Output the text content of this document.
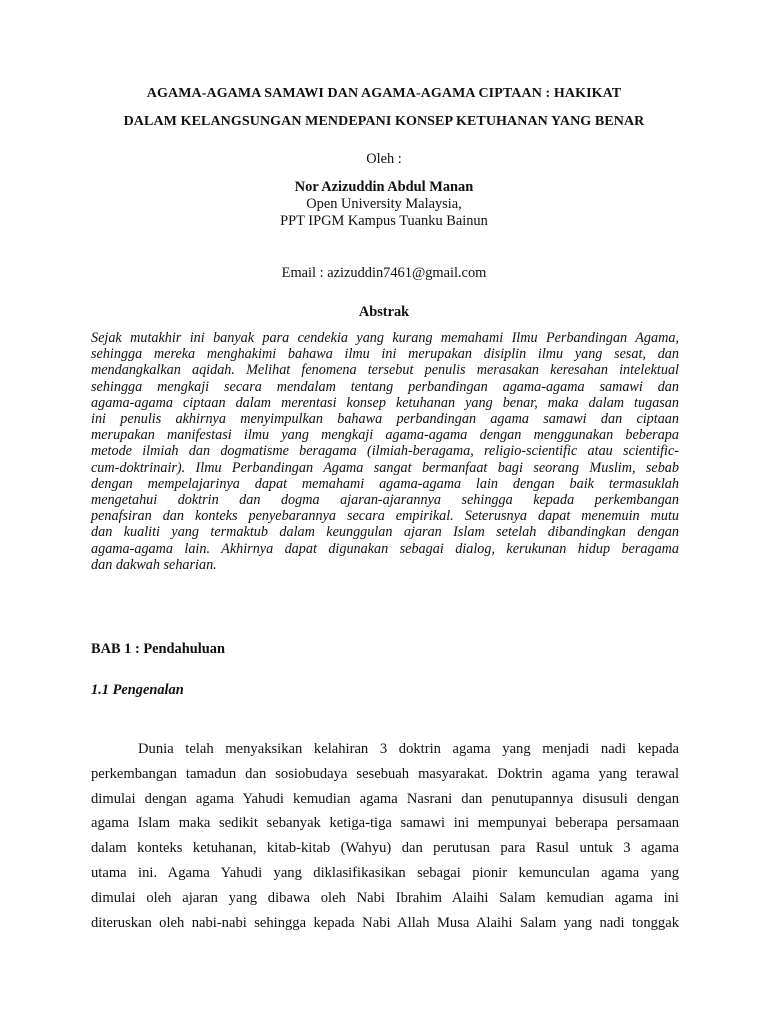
AGAMA-AGAMA SAMAWI DAN AGAMA-AGAMA CIPTAAN : HAKIKAT
DALAM KELANGSUNGAN MENDEPANI KONSEP KETUHANAN YANG BENAR
Oleh :
Nor Azizuddin Abdul Manan
Open University Malaysia,
PPT IPGM Kampus Tuanku Bainun
Email : azizuddin7461@gmail.com
Abstrak
Sejak mutakhir ini banyak para cendekia yang kurang memahami Ilmu Perbandingan Agama,
sehingga mereka menghakimi bahawa ilmu ini merupakan disiplin ilmu yang sesat, dan
mendangkalkan aqidah. Melihat fenomena tersebut penulis merasakan keresahan intelektual
sehingga mengkaji secara mendalam tentang perbandingan agama-agama samawi dan
agama-agama ciptaan dalam merentasi konsep ketuhanan yang benar, maka dalam tugasan
ini penulis akhirnya menyimpulkan bahawa perbandingan agama samawi dan ciptaan
merupakan manifestasi ilmu yang mengkaji agama-agama dengan menggunakan beberapa
metode ilmiah dan dogmatisme beragama (ilmiah-beragama, religio-scientific atau scientific-
cum-doktrinair). Ilmu Perbandingan Agama sangat bermanfaat bagi seorang Muslim, sebab
dengan mempelajarinya dapat memahami agama-agama lain dengan baik termasuklah
mengetahui doktrin dan dogma ajaran-ajarannya sehingga kepada perkembangan
penafsiran dan konteks penyebarannya secara empirikal. Seterusnya dapat menemuin mutu
dan kualiti yang termaktub dalam keunggulan ajaran Islam setelah dibandingkan dengan
agama-agama lain. Akhirnya dapat digunakan sebagai dialog, kerukunan hidup beragama
dan dakwah seharian.
BAB 1 : Pendahuluan
1.1 Pengenalan
Dunia telah menyaksikan kelahiran 3 doktrin agama yang menjadi nadi kepada
perkembangan tamadun dan sosiobudaya sesebuah masyarakat. Doktrin agama yang terawal
dimulai dengan agama Yahudi kemudian agama Nasrani dan penutupannya disusuli dengan
agama Islam maka sedikit sebanyak ketiga-tiga samawi ini mempunyai beberapa persamaan
dalam konteks ketuhanan, kitab-kitab (Wahyu) dan perutusan para Rasul untuk 3 agama
utama ini. Agama Yahudi yang diklasifikasikan sebagai pionir kemunculan agama yang
dimulai oleh ajaran yang dibawa oleh Nabi Ibrahim Alaihi Salam kemudian agama ini
diteruskan oleh nabi-nabi sehingga kepada Nabi Allah Musa Alaihi Salam yang nadi tonggak
